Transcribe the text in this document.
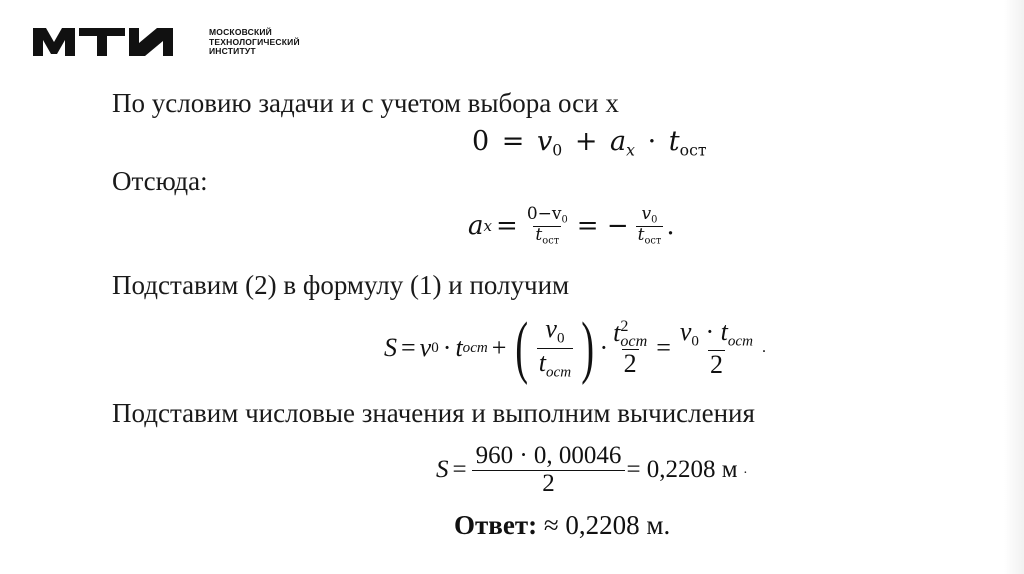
МОСКОВСКИЙ
ТЕХНОЛОГИЧЕСКИЙ
ИНСТИТУТ
По условию задачи и с учетом выбора оси x
$0 = v_0 + a_x \cdot t_{ост}$
Отсюда:
a $x = \frac{0-v_0}{t_{ост}}$ = − $\frac{v_0}{t_{ост}}$ .
Подставим (2) в формулу (1) и получим
S = v 0 · t ocm + ( $\frac{v_0}{t_{ocm}}$ ) · t 2
ocm
$2 = \frac{v_0 \cdot t_{ocm}}{2}$ .
Подставим числовые значения и выполним вычисления
$S = \frac{960 \cdot 0, 00046}{2} = 0,2208$ м .
Ответ: ≈ 0,2208 м.
